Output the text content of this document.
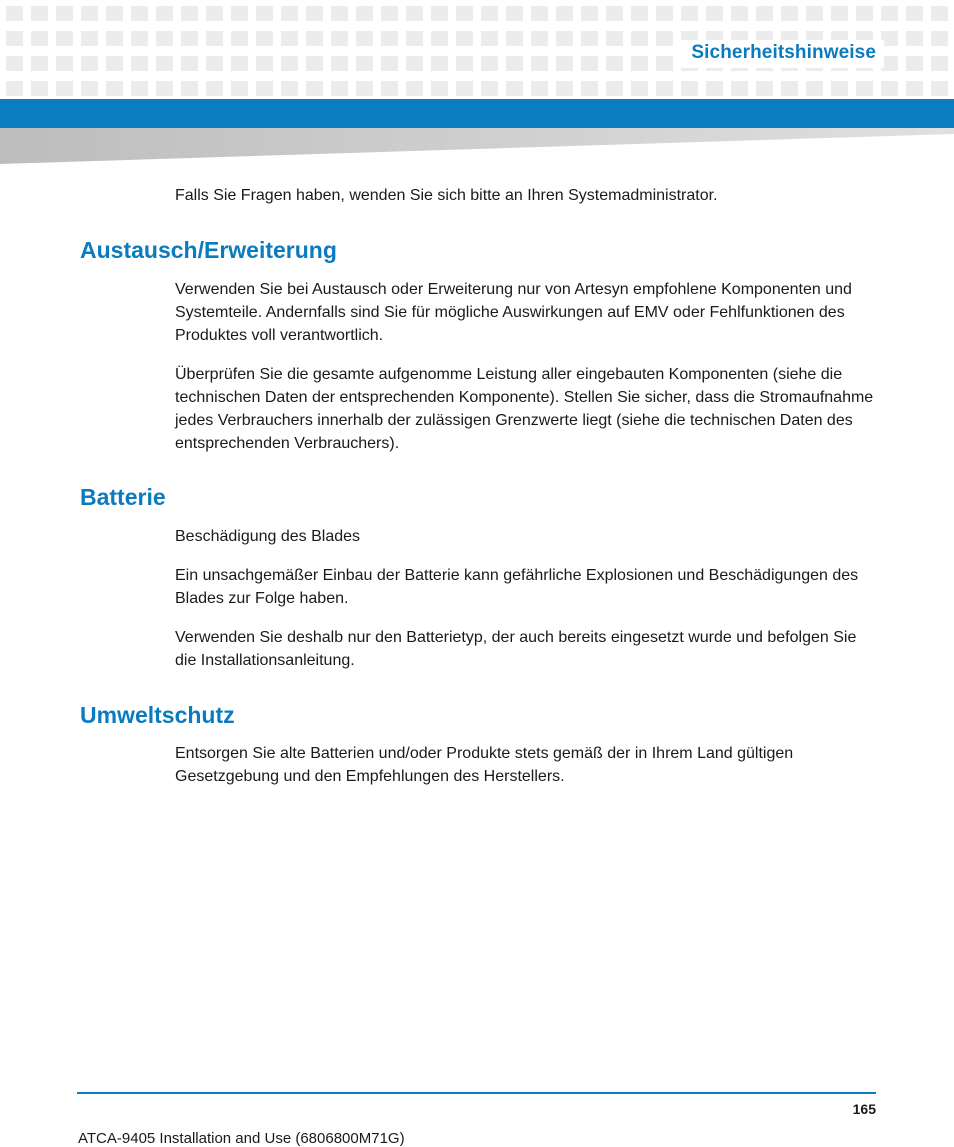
Sicherheitshinweise

Falls Sie Fragen haben, wenden Sie sich bitte an Ihren Systemadministrator.

Austausch/Erweiterung

Verwenden Sie bei Austausch oder Erweiterung nur von Artesyn empfohlene Komponenten und Systemteile. Andernfalls sind Sie für mögliche Auswirkungen auf EMV oder Fehlfunktionen des Produktes voll verantwortlich.

Überprüfen Sie die gesamte aufgenomme Leistung aller eingebauten Komponenten (siehe die technischen Daten der entsprechenden Komponente). Stellen Sie sicher, dass die Stromaufnahme jedes Verbrauchers innerhalb der zulässigen Grenzwerte liegt (siehe die technischen Daten des entsprechenden Verbrauchers).

Batterie

Beschädigung des Blades

Ein unsachgemäßer Einbau der Batterie kann gefährliche Explosionen und Beschädigungen des Blades zur Folge haben.

Verwenden Sie deshalb nur den Batterietyp, der auch bereits eingesetzt wurde und befolgen Sie die Installationsanleitung.

Umweltschutz

Entsorgen Sie alte Batterien und/oder Produkte stets gemäß der in Ihrem Land gültigen Gesetzgebung und den Empfehlungen des Herstellers.

ATCA-9405 Installation and Use (6806800M71G)
165
